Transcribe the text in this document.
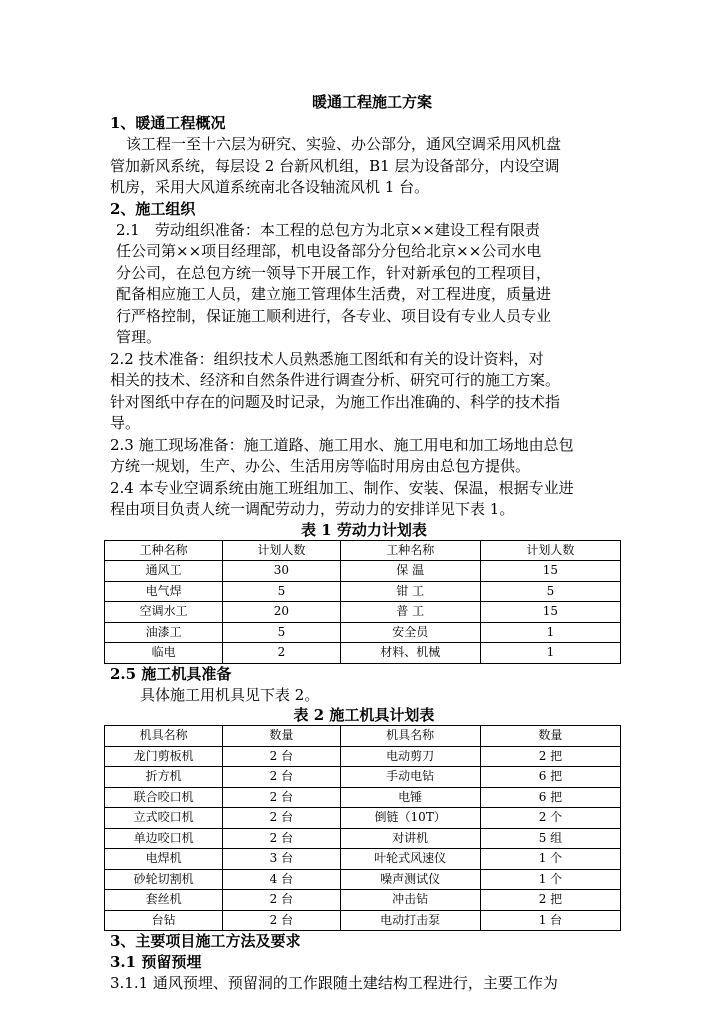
暖通工程施工方案
1、暖通工程概况
该工程一至十六层为研究、实验、办公部分，通风空调采用风机盘
管加新风系统，每层设 2 台新风机组，B1 层为设备部分，内设空调
机房，采用大风道系统南北各设轴流风机 1 台。
2、施工组织
2.1　劳动组织准备：本工程的总包方为北京××建设工程有限责
任公司第××项目经理部，机电设备部分分包给北京××公司水电
分公司，在总包方统一领导下开展工作，针对新承包的工程项目，
配备相应施工人员，建立施工管理体生活费，对工程进度，质量进
行严格控制，保证施工顺利进行，各专业、项目设有专业人员专业
管理。
2.2 技术准备：组织技术人员熟悉施工图纸和有关的设计资料，对
相关的技术、经济和自然条件进行调查分析、研究可行的施工方案。
针对图纸中存在的问题及时记录，为施工作出准确的、科学的技术指
导。
2.3 施工现场准备：施工道路、施工用水、施工用电和加工场地由总包
方统一规划，生产、办公、生活用房等临时用房由总包方提供。
2.4 本专业空调系统由施工班组加工、制作、安装、保温，根据专业进
程由项目负责人统一调配劳动力，劳动力的安排详见下表 1。
表 1 劳动力计划表
工种名称	计划人数	工种名称	计划人数
通风工	30	保 温	15
电气焊	5	钳 工	5
空调水工	20	普 工	15
油漆工	5	安全员	1
临电	2	材料、机械	1
2.5 施工机具准备
具体施工用机具见下表 2。
表 2 施工机具计划表
机具名称	数量	机具名称	数量
龙门剪板机	2 台	电动剪刀	2 把
折方机	2 台	手动电钻	6 把
联合咬口机	2 台	电锤	6 把
立式咬口机	2 台	倒链（10T）	2 个
单边咬口机	2 台	对讲机	5 组
电焊机	3 台	叶轮式风速仪	1 个
砂轮切割机	4 台	噪声测试仪	1 个
套丝机	2 台	冲击钻	2 把
台钻	2 台	电动打击泵	1 台
3、主要项目施工方法及要求
3.1 预留预埋
3.1.1 通风预埋、预留洞的工作跟随土建结构工程进行，主要工作为
